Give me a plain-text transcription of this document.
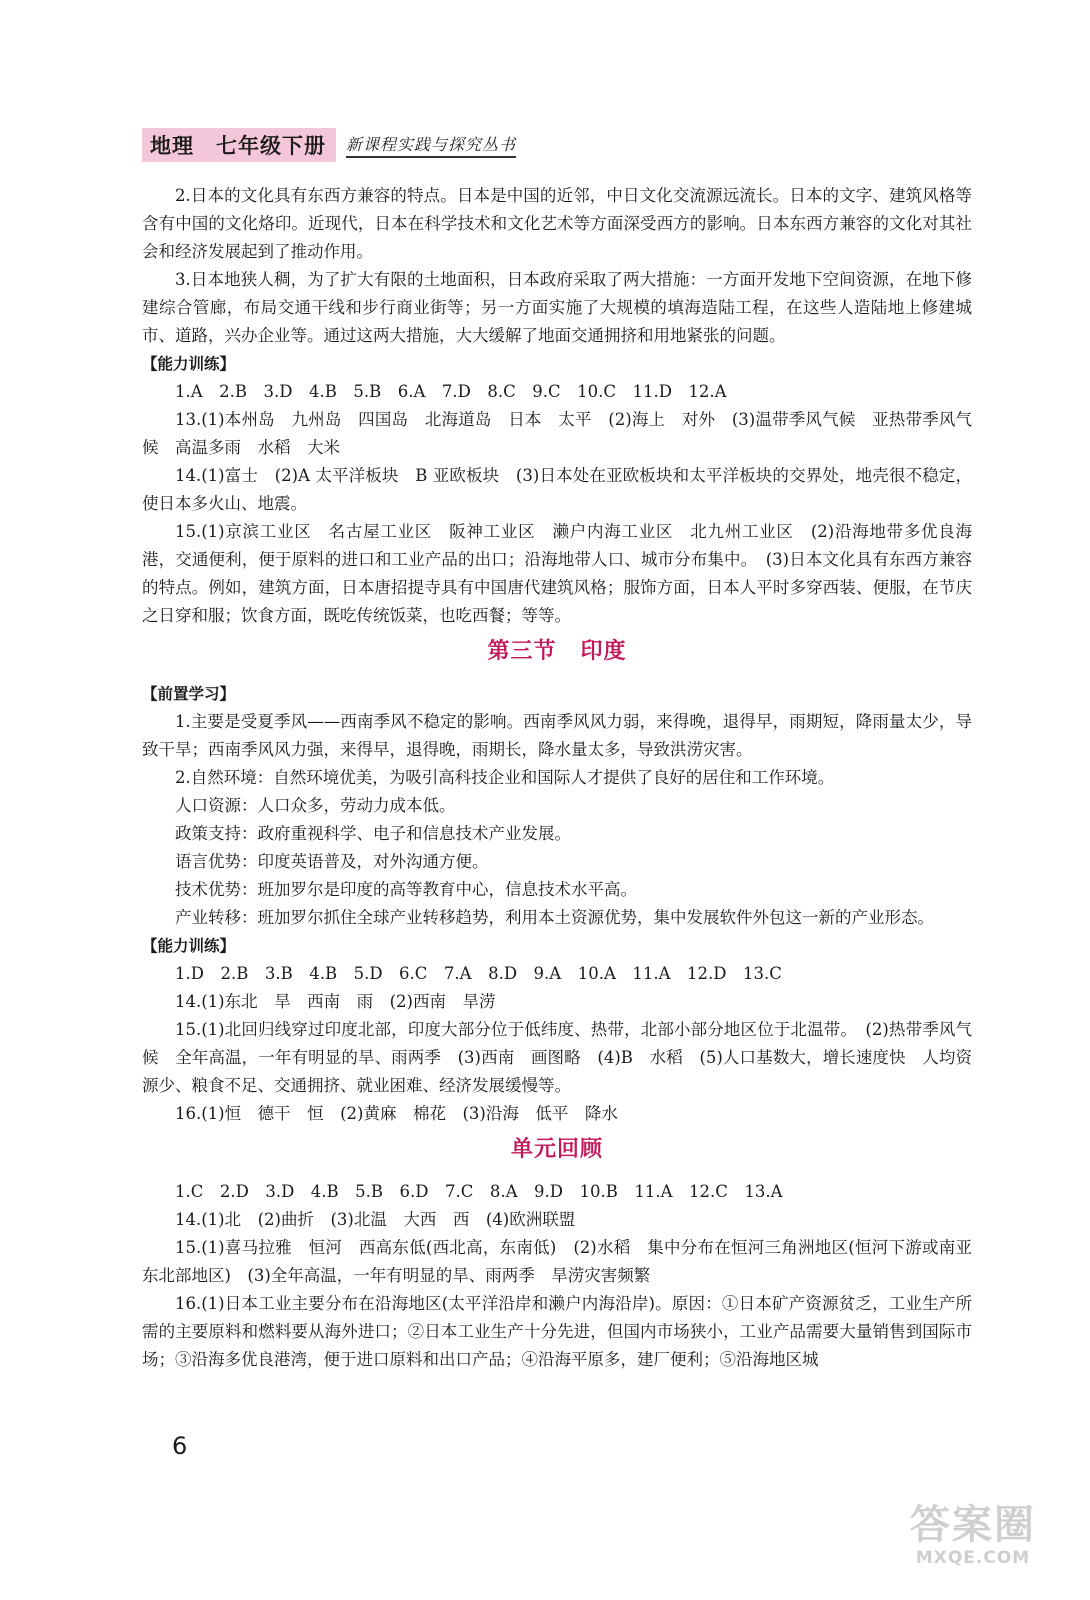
地理 七年级下册 新课程实践与探究丛书

2.日本的文化具有东西方兼容的特点。日本是中国的近邻，中日文化交流源远流长。日本的文字、建筑风格等含有中国的文化烙印。近现代，日本在科学技术和文化艺术等方面深受西方的影响。日本东西方兼容的文化对其社会和经济发展起到了推动作用。

3.日本地狭人稠，为了扩大有限的土地面积，日本政府采取了两大措施：一方面开发地下空间资源，在地下修建综合管廊，布局交通干线和步行商业街等；另一方面实施了大规模的填海造陆工程，在这些人造陆地上修建城市、道路，兴办企业等。通过这两大措施，大大缓解了地面交通拥挤和用地紧张的问题。

【能力训练】

1.A　2.B　3.D　4.B　5.B　6.A　7.D　8.C　9.C　10.C　11.D　12.A

13.(1)本州岛　九州岛　四国岛　北海道岛　日本　太平　(2)海上　对外　(3)温带季风气候　亚热带季风气候　高温多雨　水稻　大米

14.(1)富士　(2)A 太平洋板块　B 亚欧板块　(3)日本处在亚欧板块和太平洋板块的交界处，地壳很不稳定，使日本多火山、地震。

15.(1)京滨工业区　名古屋工业区　阪神工业区　濑户内海工业区　北九州工业区　(2)沿海地带多优良海港，交通便利，便于原料的进口和工业产品的出口；沿海地带人口、城市分布集中。　(3)日本文化具有东西方兼容的特点。例如，建筑方面，日本唐招提寺具有中国唐代建筑风格；服饰方面，日本人平时多穿西装、便服，在节庆之日穿和服；饮食方面，既吃传统饭菜，也吃西餐；等等。

第三节 印度

【前置学习】

1.主要是受夏季风——西南季风不稳定的影响。西南季风风力弱，来得晚，退得早，雨期短，降雨量太少，导致干旱；西南季风风力强，来得早，退得晚，雨期长，降水量太多，导致洪涝灾害。

2.自然环境：自然环境优美，为吸引高科技企业和国际人才提供了良好的居住和工作环境。

人口资源：人口众多，劳动力成本低。

政策支持：政府重视科学、电子和信息技术产业发展。

语言优势：印度英语普及，对外沟通方便。

技术优势：班加罗尔是印度的高等教育中心，信息技术水平高。

产业转移：班加罗尔抓住全球产业转移趋势，利用本土资源优势，集中发展软件外包这一新的产业形态。

【能力训练】

1.D　2.B　3.B　4.B　5.D　6.C　7.A　8.D　9.A　10.A　11.A　12.D　13.C

14.(1)东北　旱　西南　雨　(2)西南　旱涝

15.(1)北回归线穿过印度北部，印度大部分位于低纬度、热带，北部小部分地区位于北温带。　(2)热带季风气候　全年高温，一年有明显的旱、雨两季　(3)西南　画图略　(4)B　水稻　(5)人口基数大，增长速度快　人均资源少、粮食不足、交通拥挤、就业困难、经济发展缓慢等。

16.(1)恒　德干　恒　(2)黄麻　棉花　(3)沿海　低平　降水

单元回顾

1.C　2.D　3.D　4.B　5.B　6.D　7.C　8.A　9.D　10.B　11.A　12.C　13.A

14.(1)北　(2)曲折　(3)北温　大西　西　(4)欧洲联盟

15.(1)喜马拉雅　恒河　西高东低(西北高，东南低)　(2)水稻　集中分布在恒河三角洲地区(恒河下游或南亚东北部地区)　(3)全年高温，一年有明显的旱、雨两季　旱涝灾害频繁

16.(1)日本工业主要分布在沿海地区(太平洋沿岸和濑户内海沿岸)。原因：①日本矿产资源贫乏，工业生产所需的主要原料和燃料要从海外进口；②日本工业生产十分先进，但国内市场狭小，工业产品需要大量销售到国际市场；③沿海多优良港湾，便于进口原料和出口产品；④沿海平原多，建厂便利；⑤沿海地区城

6
答案圈
MXQE.COM
